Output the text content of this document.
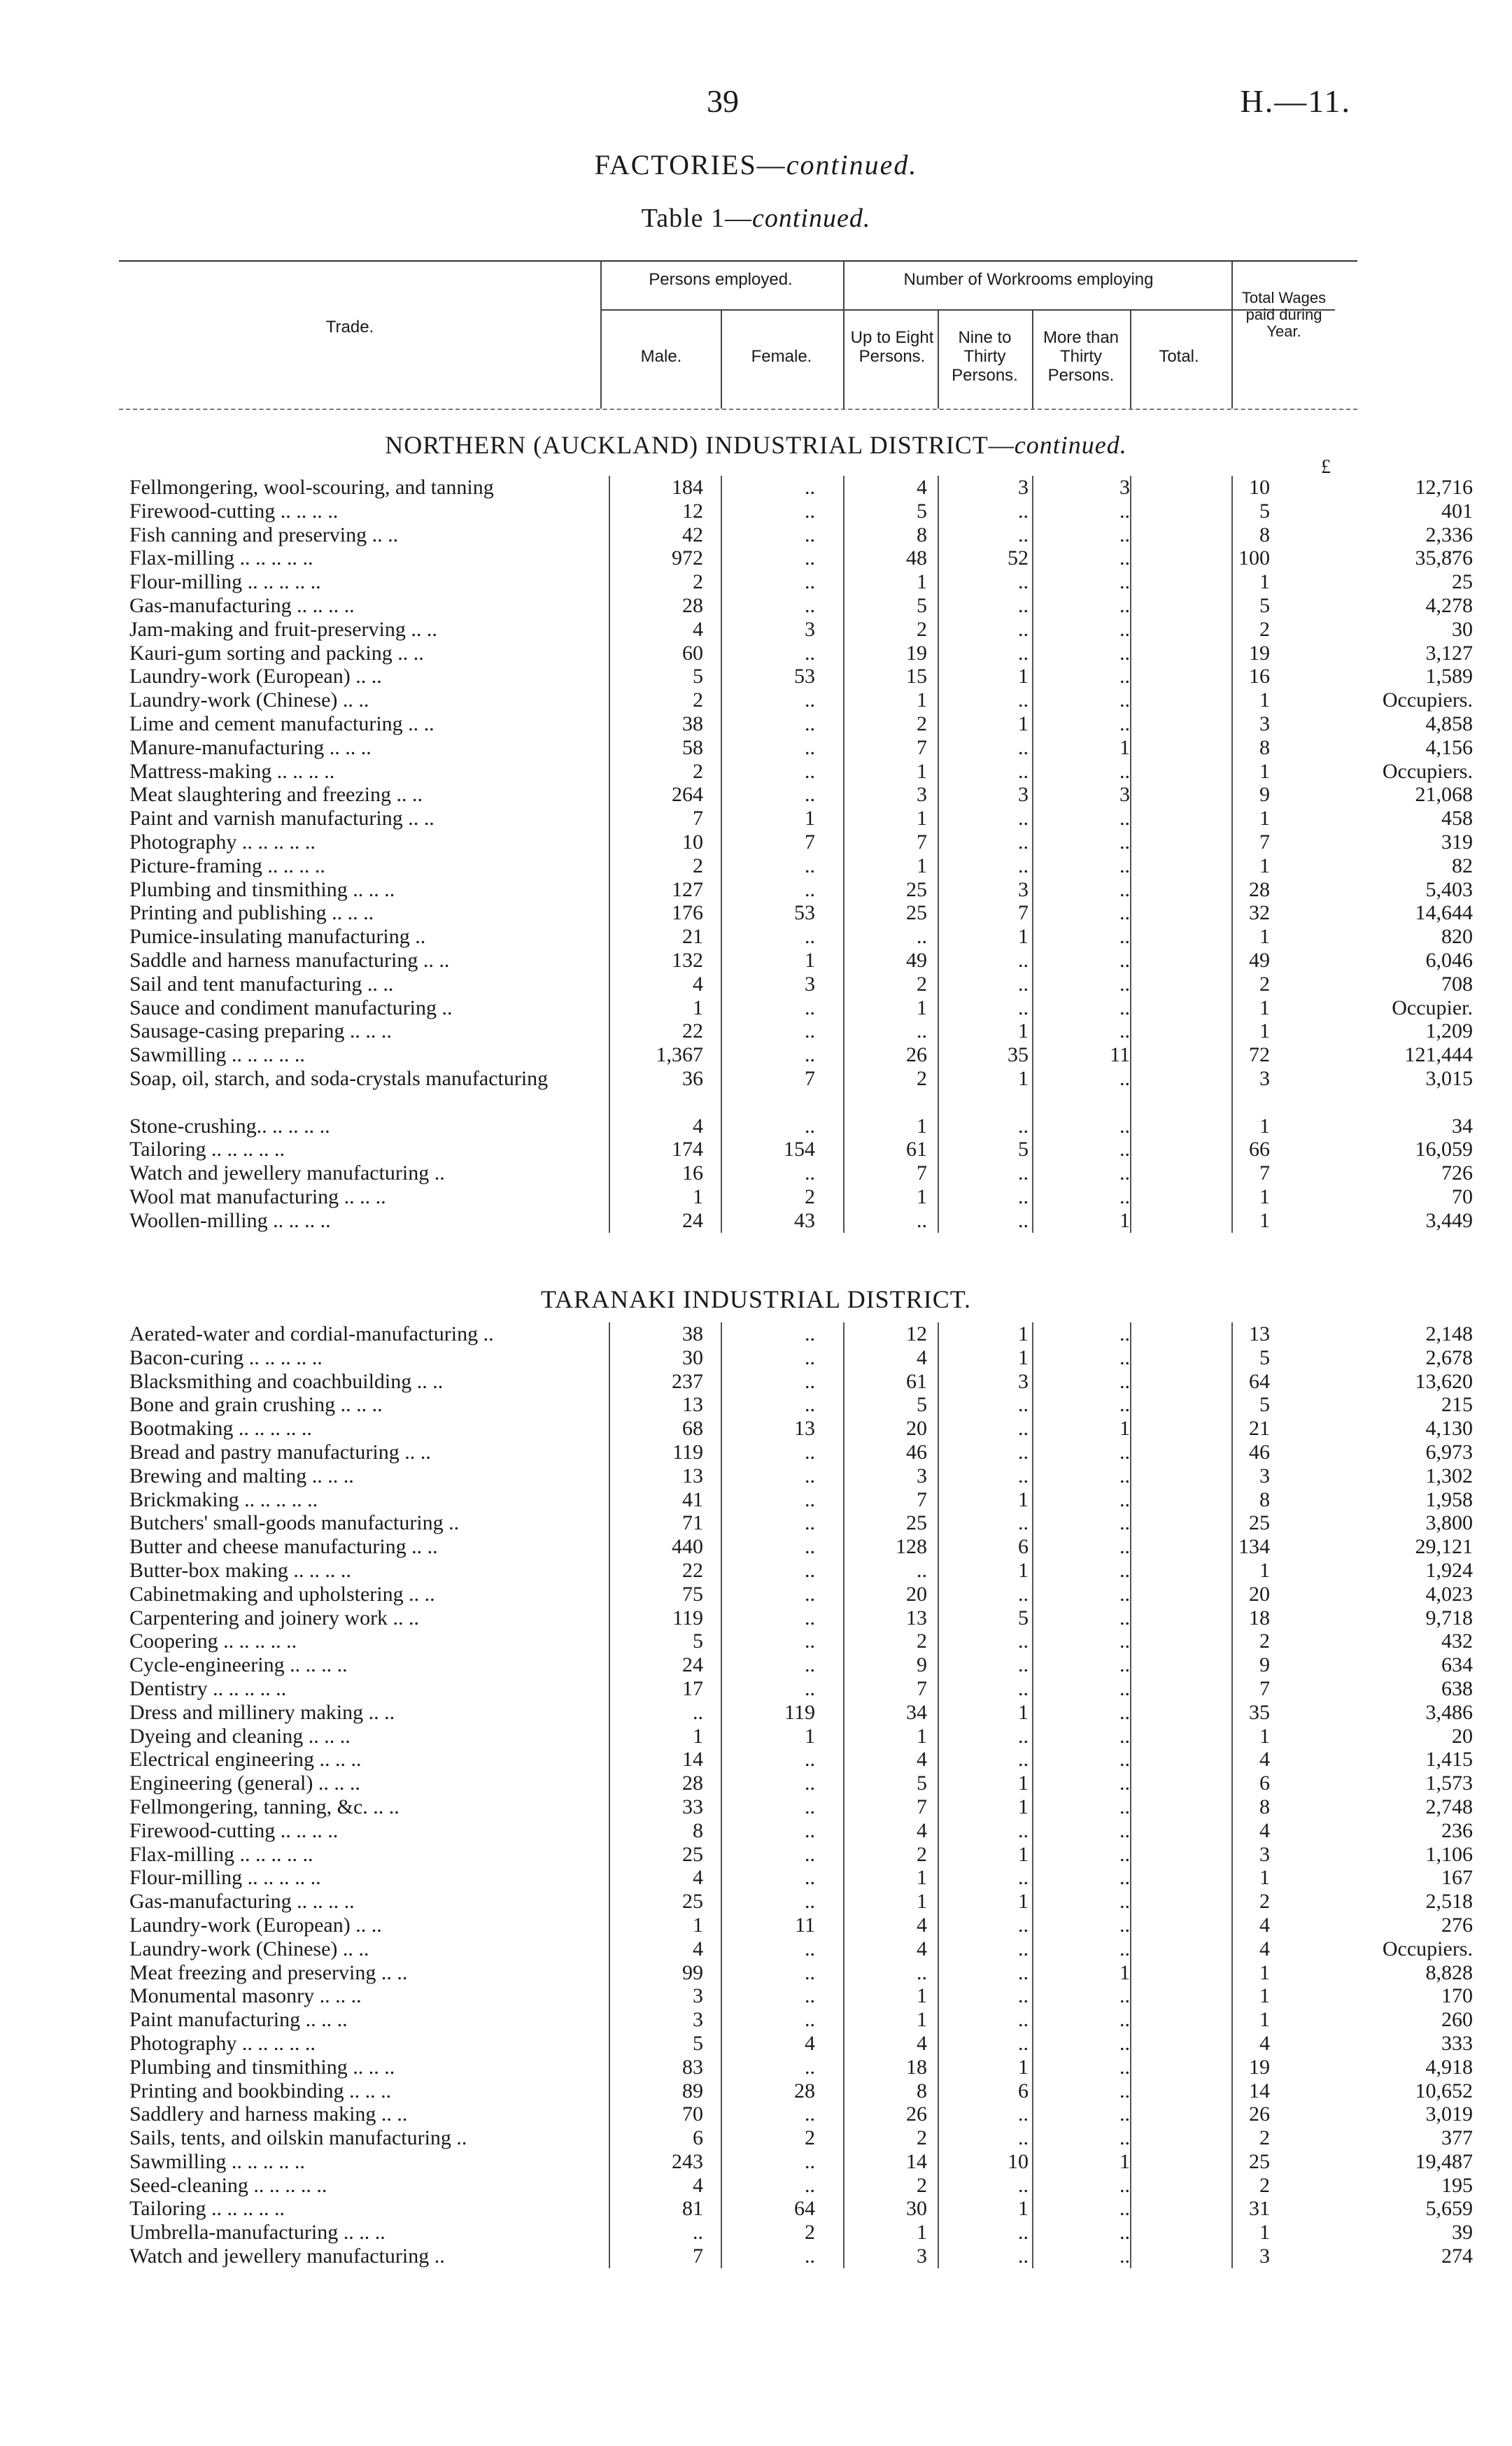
39	H.—11.
FACTORIES—continued.
Table 1—continued.
Trade.
Persons employed.
Male.	Female.
Number of Workrooms employing
Up to Eight Persons.
Nine to Thirty Persons.
More than Thirty Persons.
Total.
Total Wages paid during Year.
NORTHERN (AUCKLAND) INDUSTRIAL DISTRICT—continued.
£
Fellmongering, wool-scouring, and tanning	184	..	4	3	3	10	12,716
Firewood-cutting .. .. .. ..	12	..	5	..	..	5	401
Fish canning and preserving .. ..	42	..	8	..	..	8	2,336
Flax-milling .. .. .. .. ..	972	..	48	52	..	100	35,8̈76
Flour-milling .. .. .. .. ..	2	..	1	..	..	1	25
Gas-manufacturing .. .. .. ..	28	..	5	..	..	5	4,278
Jam-making and fruit-preserving .. ..	4	3	2	..	..	2	30
Kauri-gum sorting and packing .. ..	60	..	19	..	..	19	3,127
Laundry-work (European) .. ..	5	53	15	1	..	16	1,589
Laundry-work (Chinese) .. ..	2	..	1	..	..	1	Occupiers.
Lime and cement manufacturing .. ..	38	..	2	1	..	3	4,858
Manure-manufacturing .. .. ..	58	..	7	..	1	8	4,156
Mattress-making .. .. .. ..	2	..	1	..	..	1	Occupiers.
Meat slaughtering and freezing .. ..	264	..	3	3	3	9	21,068
Paint and varnish manufacturing .. ..	7	1	1	..	..	1	458
Photography .. .. .. .. ..	10	7	7	..	..	7	319
Picture-framing .. .. .. ..	2	..	1	..	..	1	82
Plumbing and tinsmithing .. .. ..	127	..	25	3	..	28	5,403
Printing and publishing .. .. ..	176	53	25	7	..	32	14,644
Pumice-insulating manufacturing ..	21	..	..	1	..	1	820
Saddle and harness manufacturing .. ..	132	1	49	..	..	49	6,046
Sail and tent manufacturing .. ..	4	3	2	..	..	2	708
Sauce and condiment manufacturing ..	1	..	1	..	..	1	Occupier.
Sausage-casing preparing .. .. ..	22	..	..	1	..	1	1,209
Sawmilling .. .. .. .. ..	1,367	..	26	35	11	72	121,444
Soap, oil, starch, and soda-crystals manufacturing	36	7	2	1	..	3	3,015
Stone-crushing.. .. .. .. ..	4	..	1	..	..	1	34
Tailoring .. .. .. .. ..	174	154	61	5	..	66	16,059
Watch and jewellery manufacturing ..	16	..	7	..	..	7	726
Wool mat manufacturing .. .. ..	1	2	1	..	..	1	70
Woollen-milling .. .. .. ..	24	43	..	..	1	1	3,449
TARANAKI INDUSTRIAL DISTRICT.
Aerated-water and cordial-manufacturing ..	38	..	12	1	..	13	2,148
Bacon-curing .. .. .. .. ..	30	..	4	1	..	5	2,678
Blacksmithing and coachbuilding .. ..	237	..	61	3	..	64	13,620
Bone and grain crushing .. .. ..	13	..	5	..	..	5	215
Bootmaking .. .. .. .. ..	68	13	20	..	1	21	4,130
Bread and pastry manufacturing .. ..	119	..	46	..	..	46	6,973
Brewing and malting .. .. ..	13	..	3	..	..	3	1,302
Brickmaking .. .. .. .. ..	41	..	7	1	..	8	1,958
Butchers' small-goods manufacturing ..	71	..	25	..	..	25	3,800
Butter and cheese manufacturing .. ..	440	..	128	6	..	134	29,121
Butter-box making .. .. .. ..	22	..	..	1	..	1	1,924
Cabinetmaking and upholstering .. ..	75	..	20	..	..	20	4,023
Carpentering and joinery work .. ..	119	..	13	5	..	18	9,718
Coopering .. .. .. .. ..	5	..	2	..	..	2	432
Cycle-engineering .. .. .. ..	24	..	9	..	..	9	634
Dentistry .. .. .. .. ..	17	..	7	..	..	7	638
Dress and millinery making .. ..	..	119	34	1	..	35	3,486
Dyeing and cleaning .. .. ..	1	1	1	..	..	1	20
Electrical engineering .. .. ..	14	..	4	..	..	4	1,415
Engineering (general) .. .. ..	28	..	5	1	..	6	1,573
Fellmongering, tanning, &c. .. ..	33	..	7	1	..	8	2,748
Firewood-cutting .. .. .. ..	8	..	4	..	..	4	236
Flax-milling .. .. .. .. ..	25	..	2	1	..	3	1,106
Flour-milling .. .. .. .. ..	4	..	1	..	..	1	167
Gas-manufacturing .. .. .. ..	25	..	1	1	..	2	2,518
Laundry-work (European) .. ..	1	11	4	..	..	4	276
Laundry-work (Chinese) .. ..	4	..	4	..	..	4	Occupiers.
Meat freezing and preserving .. ..	99	..	..	..	1	1	8,828
Monumental masonry .. .. ..	3	..	1	..	..	1	170
Paint manufacturing .. .. ..	3	..	1	..	..	1	260
Photography .. .. .. .. ..	5	4	4	..	..	4	333
Plumbing and tinsmithing .. .. ..	83	..	18	1	..	19	4,918
Printing and bookbinding .. .. ..	89	28	8	6	..	14	10,652
Saddlery and harness making .. ..	70	..	26	..	..	26	3,019
Sails, tents, and oilskin manufacturing ..	6	2	2	..	..	2	377
Sawmilling .. .. .. .. ..	243	..	14	10	1	25	19,487
Seed-cleaning .. .. .. .. ..	4	..	2	..	..	2	195
Tailoring .. .. .. .. ..	81	64	30	1	..	31	5,659
Umbrella-manufacturing .. .. ..	..	2	1	..	..	1	39
Watch and jewellery manufacturing ..	7	..	3	..	..	3	274
